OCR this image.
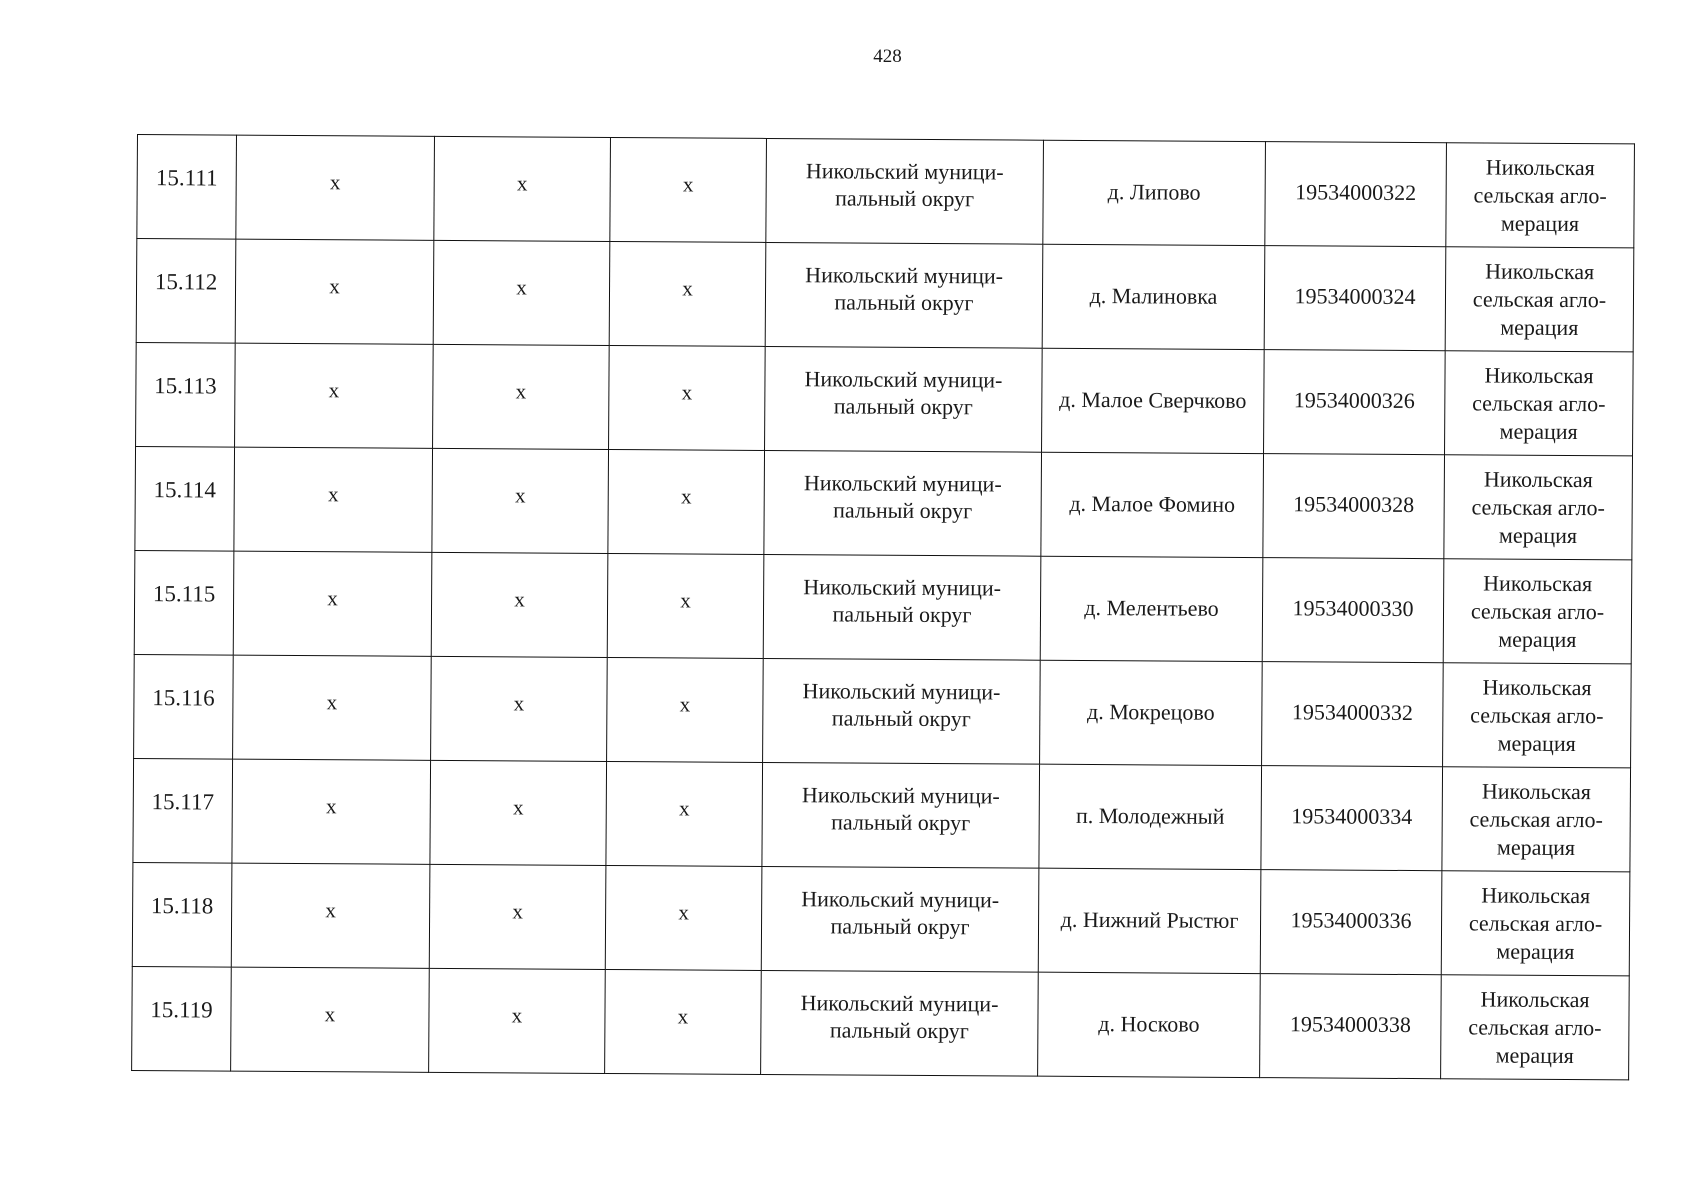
428
15.111	х	х	х	Никольский муници-пальный округ	д. Липово	19534000322	Никольская сельская агло-мерация
15.112	х	х	х	Никольский муници-пальный округ	д. Малиновка	19534000324	Никольская сельская агло-мерация
15.113	х	х	х	Никольский муници-пальный округ	д. Малое Сверчково	19534000326	Никольская сельская агло-мерация
15.114	х	х	х	Никольский муници-пальный округ	д. Малое Фомино	19534000328	Никольская сельская агло-мерация
15.115	х	х	х	Никольский муници-пальный округ	д. Мелентьево	19534000330	Никольская сельская агло-мерация
15.116	х	х	х	Никольский муници-пальный округ	д. Мокрецово	19534000332	Никольская сельская агло-мерация
15.117	х	х	х	Никольский муници-пальный округ	п. Молодежный	19534000334	Никольская сельская агло-мерация
15.118	х	х	х	Никольский муници-пальный округ	д. Нижний Рыстюг	19534000336	Никольская сельская агло-мерация
15.119	х	х	х	Никольский муници-пальный округ	д. Носково	19534000338	Никольская сельская агло-мерация
